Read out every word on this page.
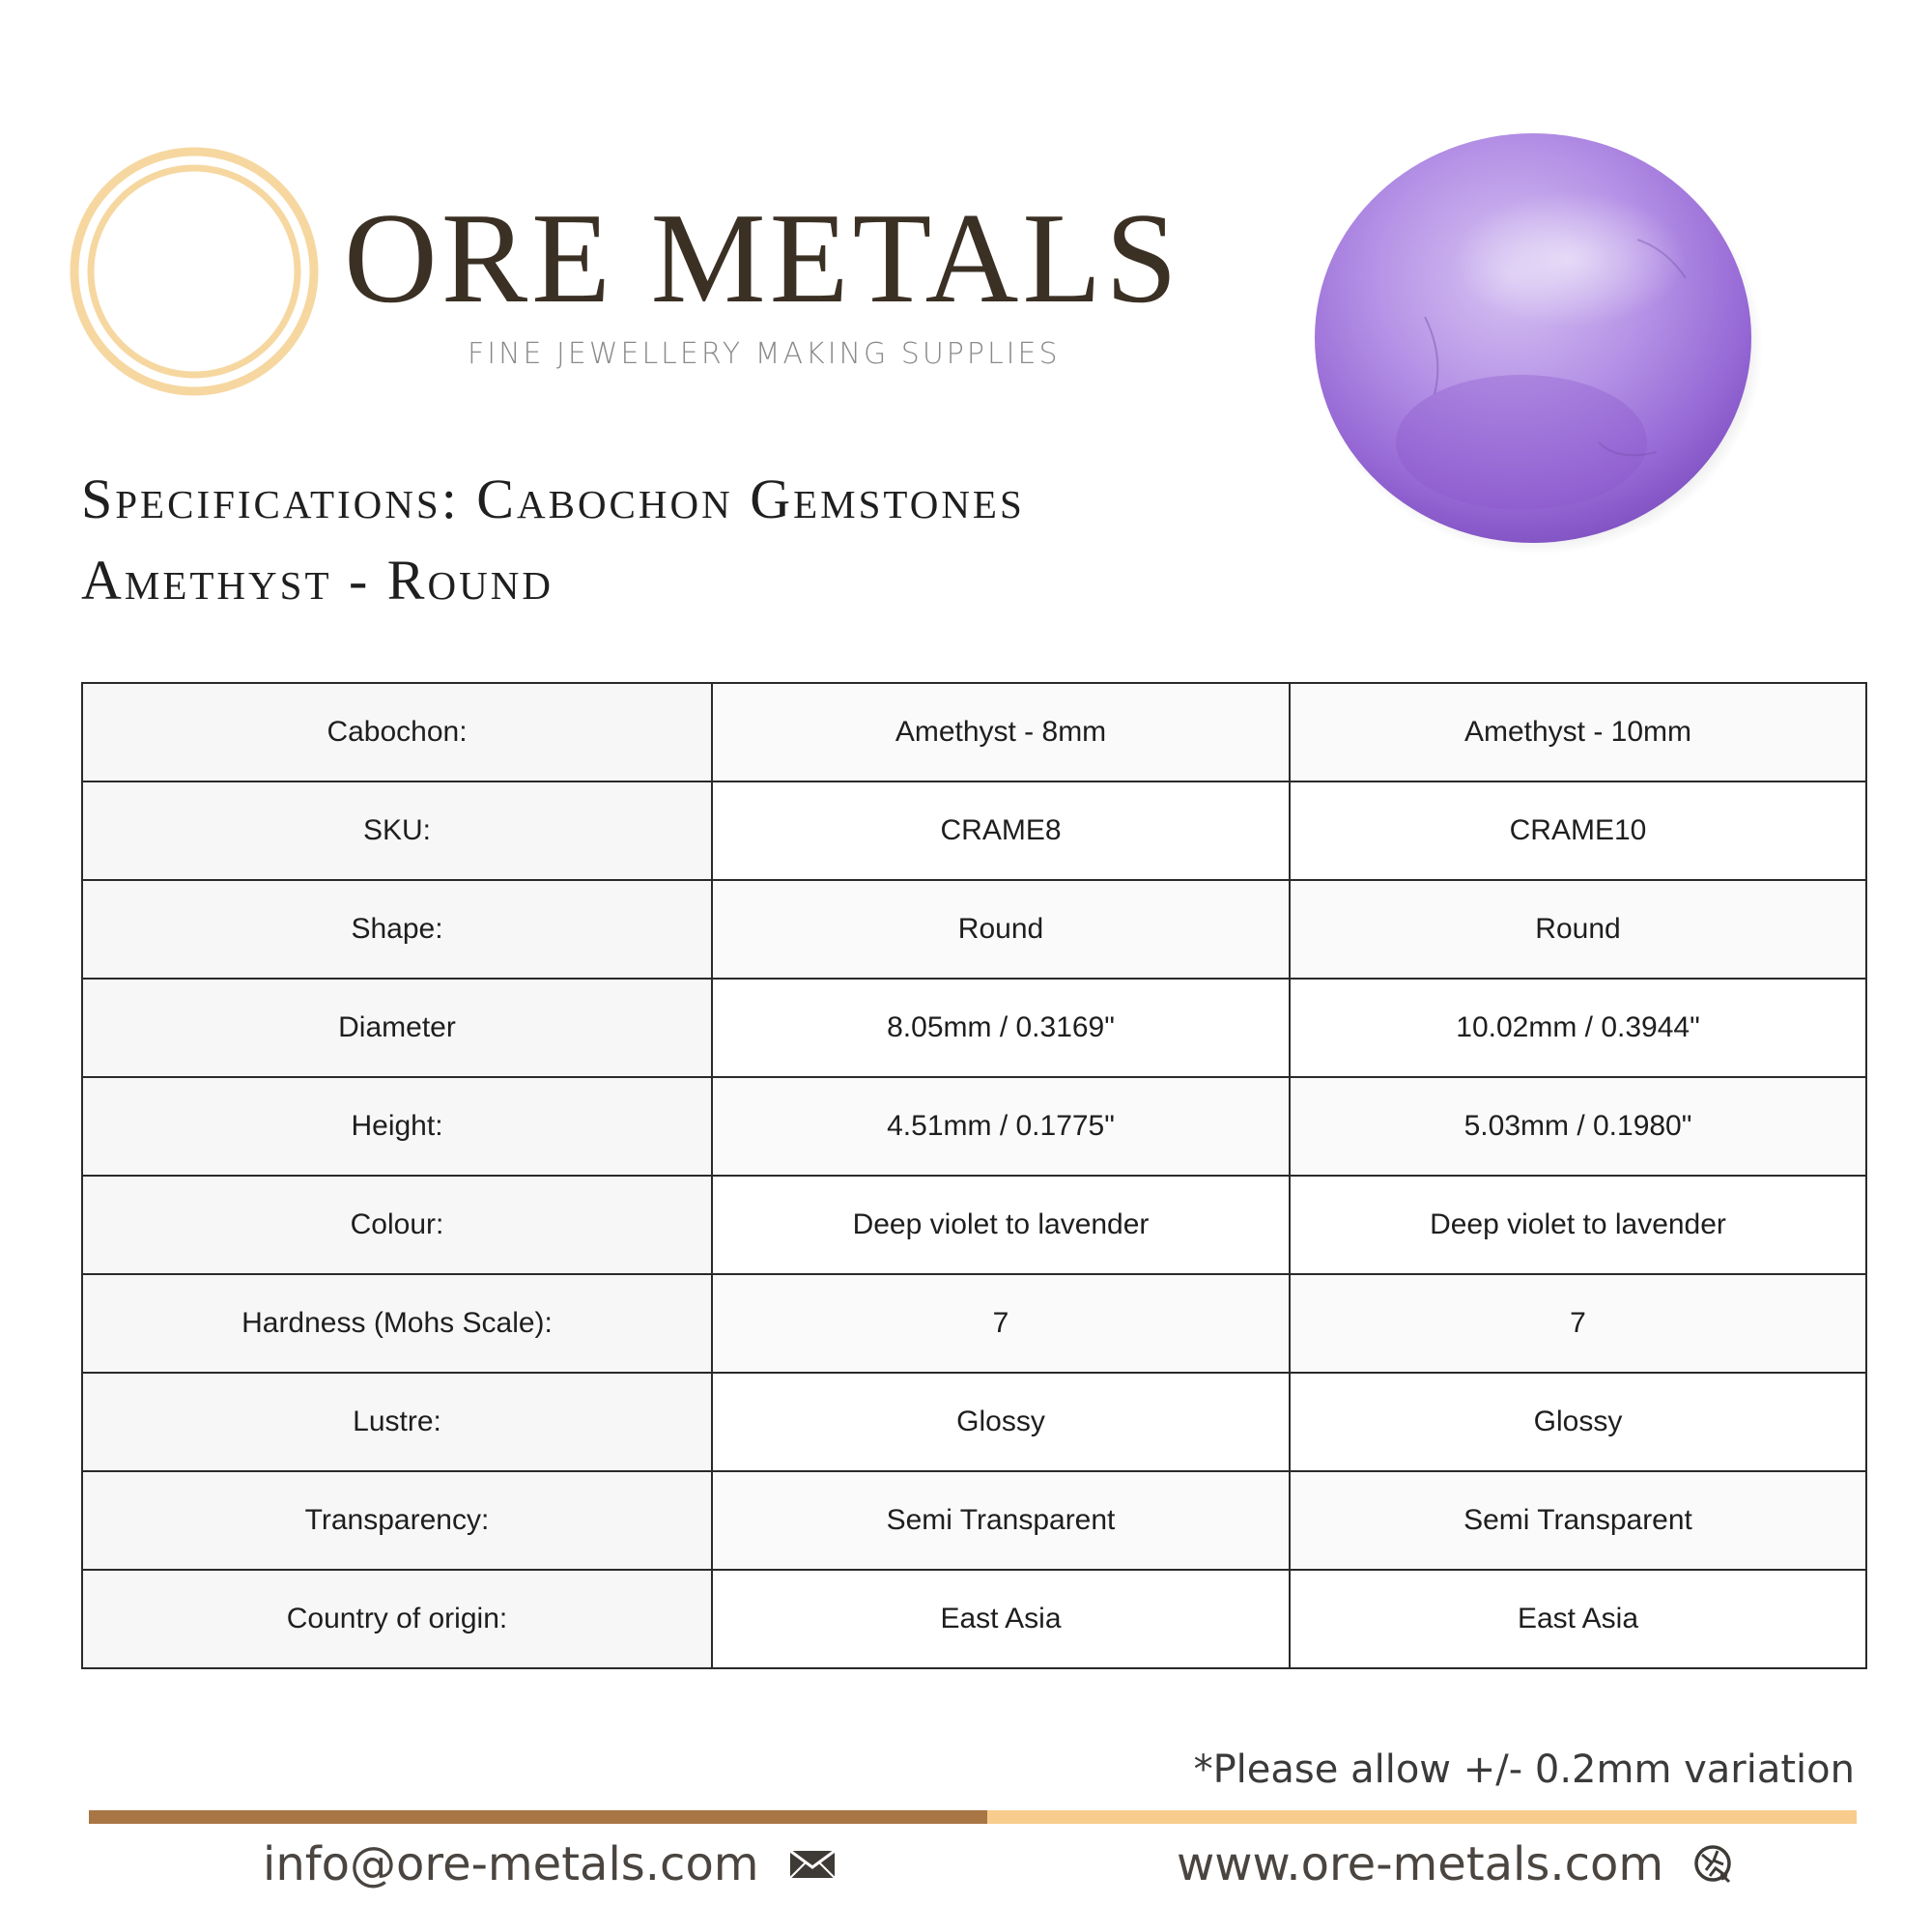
ORE METALS
FINE JEWELLERY MAKING SUPPLIES
Specifications: Cabochon Gemstones
Amethyst - Round
Cabochon:	Amethyst - 8mm	Amethyst - 10mm
SKU:	CRAME8	CRAME10
Shape:	Round	Round
Diameter	8.05mm / 0.3169"	10.02mm / 0.3944"
Height:	4.51mm / 0.1775"	5.03mm / 0.1980"
Colour:	Deep violet to lavender	Deep violet to lavender
Hardness (Mohs Scale):	7	7
Lustre:	Glossy	Glossy
Transparency:	Semi Transparent	Semi Transparent
Country of origin:	East Asia	East Asia
*Please allow +/- 0.2mm variation
info@ore-metals.com	www.ore-metals.com
